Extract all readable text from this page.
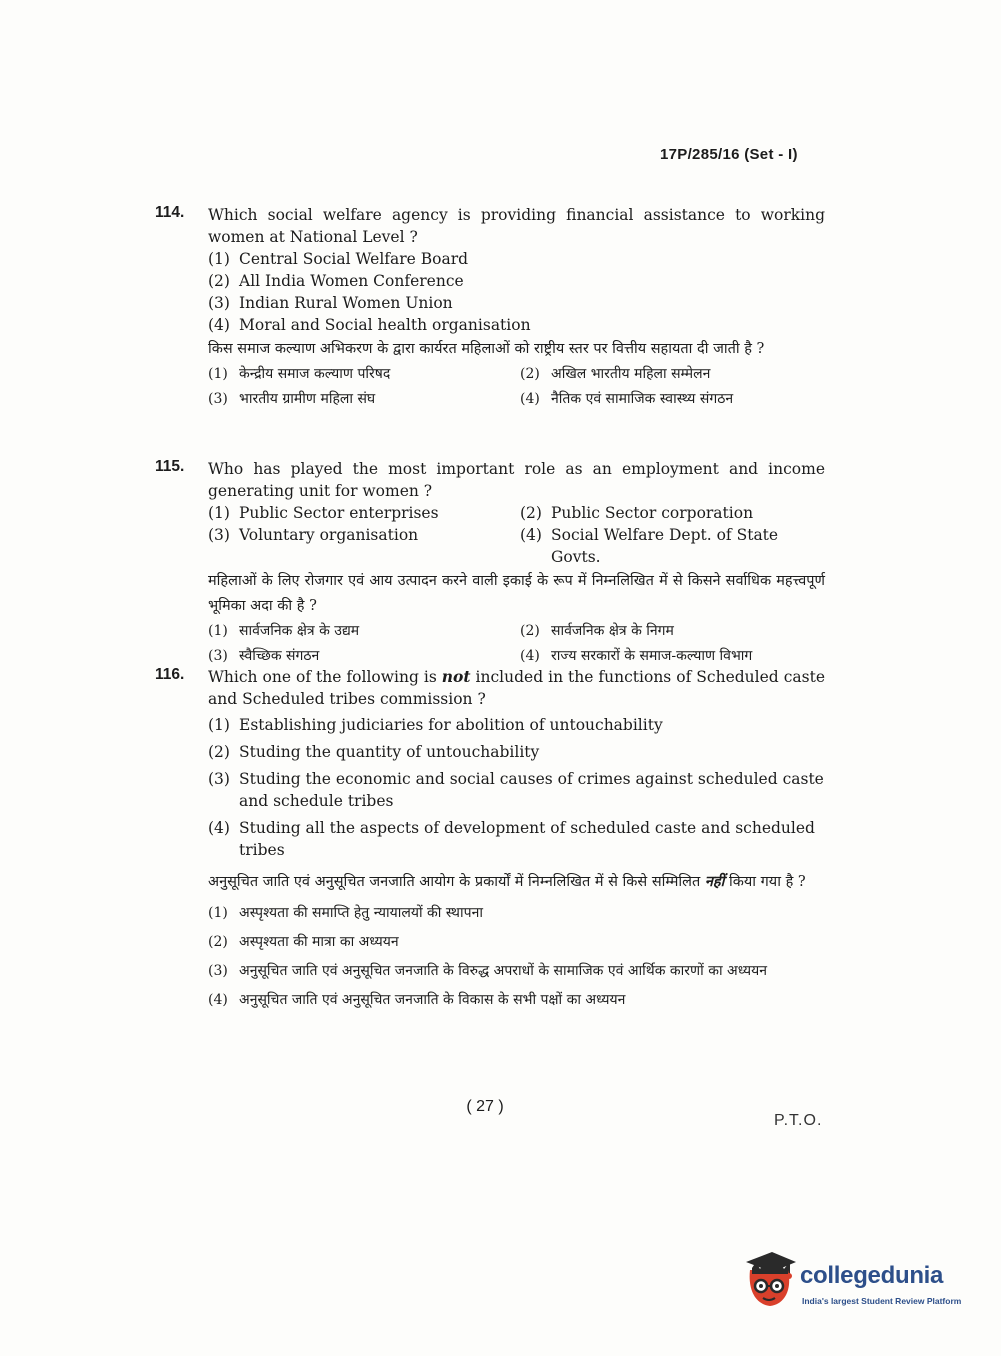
17P/285/16 (Set - I)
114. Which social welfare agency is providing financial assistance to working women at National Level ?
(1) Central Social Welfare Board
(2) All India Women Conference
(3) Indian Rural Women Union
(4) Moral and Social health organisation
किस समाज कल्याण अभिकरण के द्वारा कार्यरत महिलाओं को राष्ट्रीय स्तर पर वित्तीय सहायता दी जाती है ?
(1) केन्द्रीय समाज कल्याण परिषद	(2) अखिल भारतीय महिला सम्मेलन
(3) भारतीय ग्रामीण महिला संघ	(4) नैतिक एवं सामाजिक स्वास्थ्य संगठन
115. Who has played the most important role as an employment and income generating unit for women ?
(1) Public Sector enterprises	(2) Public Sector corporation
(3) Voluntary organisation	(4) Social Welfare Dept. of State Govts.
महिलाओं के लिए रोजगार एवं आय उत्पादन करने वाली इकाई के रूप में निम्नलिखित में से किसने सर्वाधिक महत्त्वपूर्ण भूमिका अदा की है ?
(1) सार्वजनिक क्षेत्र के उद्यम	(2) सार्वजनिक क्षेत्र के निगम
(3) स्वैच्छिक संगठन	(4) राज्य सरकारों के समाज-कल्याण विभाग
116. Which one of the following is not included in the functions of Scheduled caste and Scheduled tribes commission ?
(1) Establishing judiciaries for abolition of untouchability
(2) Studing the quantity of untouchability
(3) Studing the economic and social causes of crimes against scheduled caste and schedule tribes
(4) Studing all the aspects of development of scheduled caste and scheduled tribes
अनुसूचित जाति एवं अनुसूचित जनजाति आयोग के प्रकार्यों में निम्नलिखित में से किसे सम्मिलित नहीं किया गया है ?
(1) अस्पृश्यता की समाप्ति हेतु न्यायालयों की स्थापना
(2) अस्पृश्यता की मात्रा का अध्ययन
(3) अनुसूचित जाति एवं अनुसूचित जनजाति के विरुद्ध अपराधों के सामाजिक एवं आर्थिक कारणों का अध्ययन
(4) अनुसूचित जाति एवं अनुसूचित जनजाति के विकास के सभी पक्षों का अध्ययन
( 27 )
P.T.O.
collegedunia
India's largest Student Review Platform
